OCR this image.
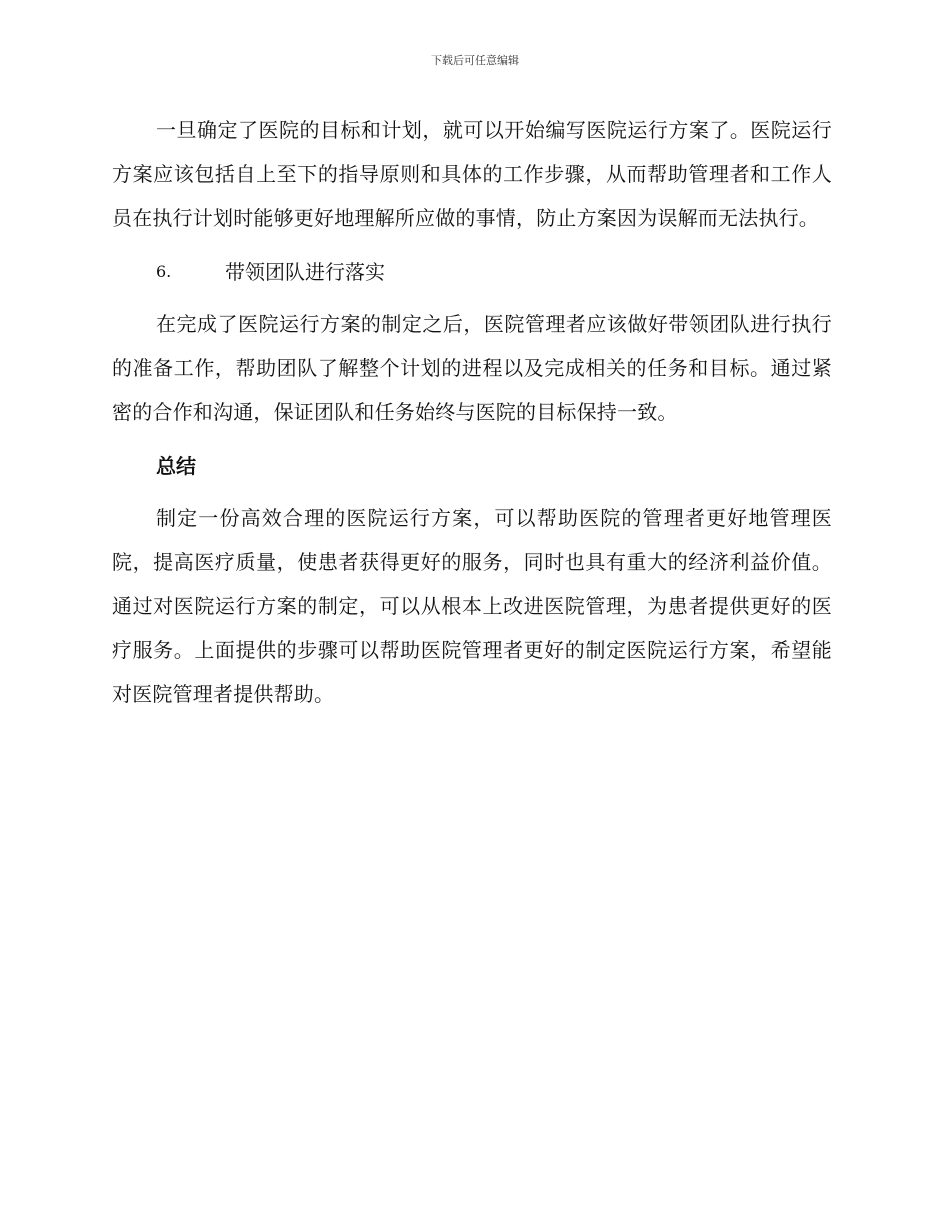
下载后可任意编辑

一旦确定了医院的目标和计划，就可以开始编写医院运行方案了。医院运行方案应该包括自上至下的指导原则和具体的工作步骤，从而帮助管理者和工作人员在执行计划时能够更好地理解所应做的事情，防止方案因为误解而无法执行。

6.	带领团队进行落实

在完成了医院运行方案的制定之后，医院管理者应该做好带领团队进行执行的准备工作，帮助团队了解整个计划的进程以及完成相关的任务和目标。通过紧密的合作和沟通，保证团队和任务始终与医院的目标保持一致。

总结

制定一份高效合理的医院运行方案，可以帮助医院的管理者更好地管理医院，提高医疗质量，使患者获得更好的服务，同时也具有重大的经济利益价值。通过对医院运行方案的制定，可以从根本上改进医院管理，为患者提供更好的医疗服务。上面提供的步骤可以帮助医院管理者更好的制定医院运行方案，希望能对医院管理者提供帮助。
